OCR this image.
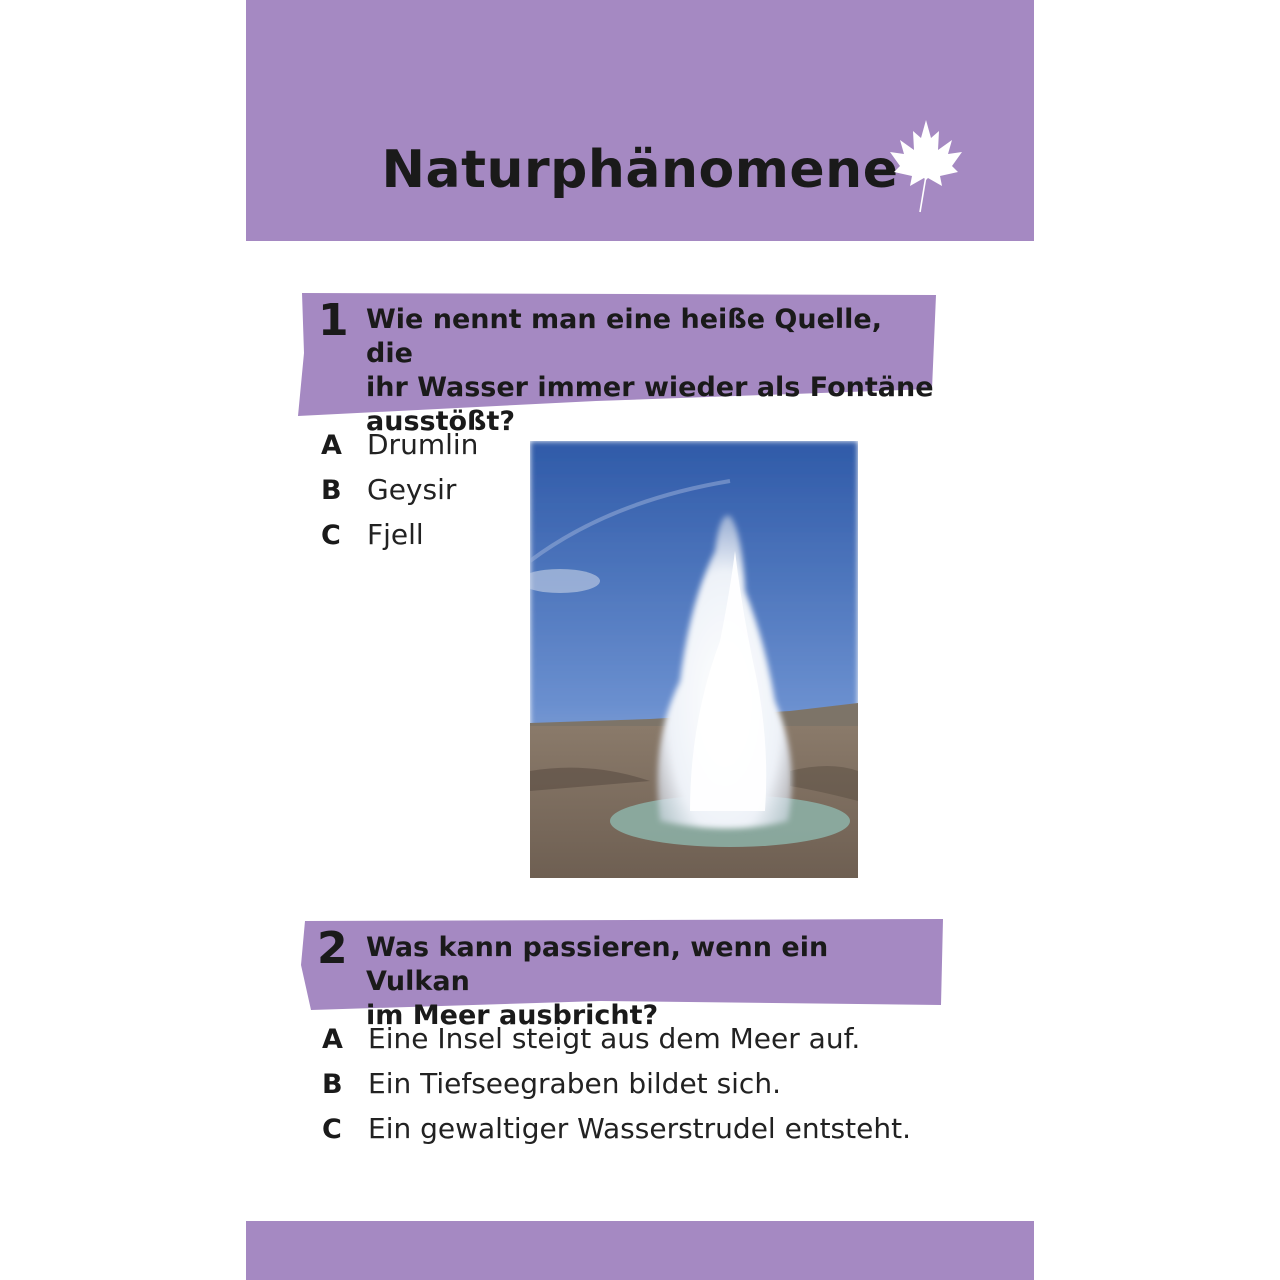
Naturphänomene
1 Wie nennt man eine heiße Quelle, die
ihr Wasser immer wieder als Fontäne
ausstößt?
A Drumlin
B Geysir
C Fjell
2 Was kann passieren, wenn ein Vulkan
im Meer ausbricht?
A Eine Insel steigt aus dem Meer auf.
B Ein Tiefseegraben bildet sich.
C Ein gewaltiger Wasserstrudel entsteht.
